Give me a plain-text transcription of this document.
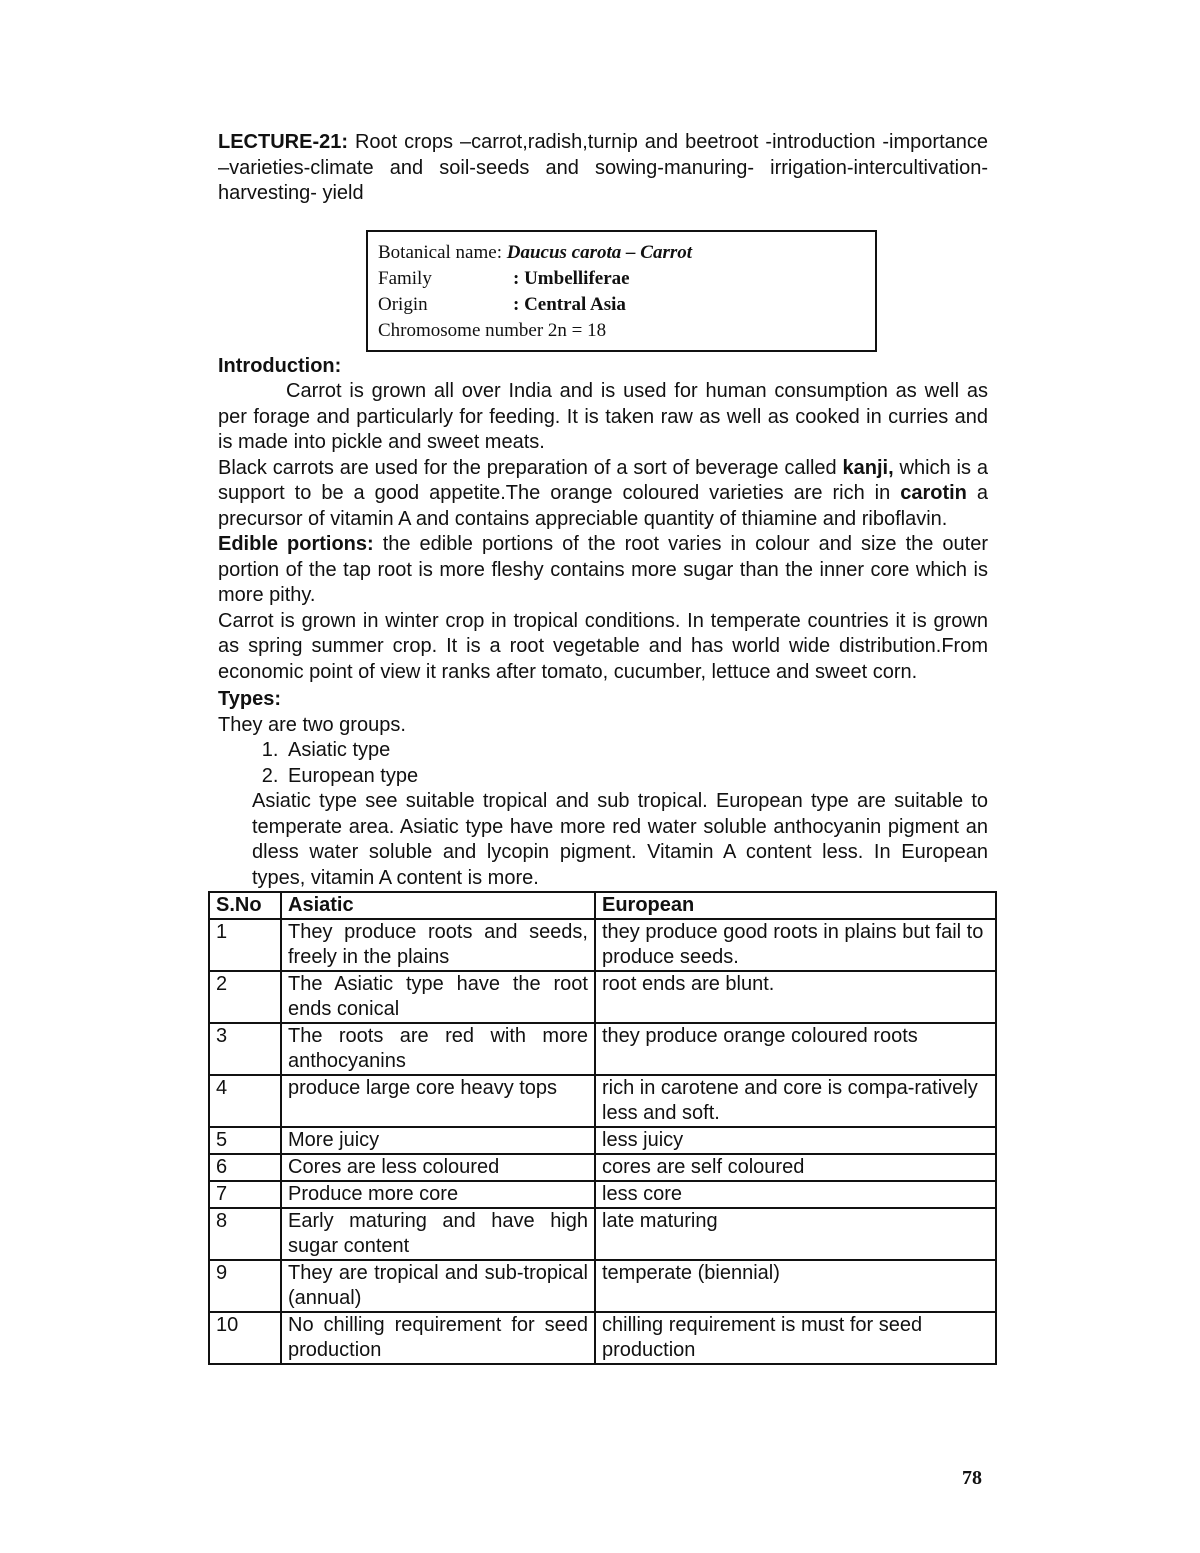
LECTURE-21: Root crops –carrot,radish,turnip and beetroot -introduction -importance –varieties-climate and soil-seeds and sowing-manuring- irrigation-intercultivation-harvesting- yield

Botanical name: Daucus carota – Carrot
Family	: Umbelliferae
Origin	: Central Asia
Chromosome number 2n = 18
Introduction:

Carrot is grown all over India and is used for human consumption as well as per forage and particularly for feeding. It is taken raw as well as cooked in curries and is made into pickle and sweet meats.

Black carrots are used for the preparation of a sort of beverage called kanji, which is a support to be a good appetite.The orange coloured varieties are rich in carotin a precursor of vitamin A and contains appreciable quantity of thiamine and riboflavin.

Edible portions: the edible portions of the root varies in colour and size the outer portion of the tap root is more fleshy contains more sugar than the inner core which is more pithy.

Carrot is grown in winter crop in tropical conditions. In temperate countries it is grown as spring summer crop. It is a root vegetable and has world wide distribution.From economic point of view it ranks after tomato, cucumber, lettuce and sweet corn.

Types:
They are two groups.
1. Asiatic type
2. European type

Asiatic type see suitable tropical and sub tropical. European type are suitable to temperate area. Asiatic type have more red water soluble anthocyanin pigment an dless water soluble and lycopin pigment. Vitamin A content less. In European types, vitamin A content is more.

S.No	Asiatic	European
1	They produce roots and seeds, freely in the plains	they produce good roots in plains but fail to produce seeds.
2	The Asiatic type have the root ends conical	root ends are blunt.
3	The roots are red with more anthocyanins	they produce orange coloured roots
4	produce large core heavy tops	rich in carotene and core is compa-ratively less and soft.
5	More juicy	less juicy
6	Cores are less coloured	cores are self coloured
7	Produce more core	less core
8	Early maturing and have high sugar content	late maturing
9	They are tropical and sub-tropical (annual)	temperate (biennial)
10	No chilling requirement for seed production	chilling requirement is must for seed production
78
